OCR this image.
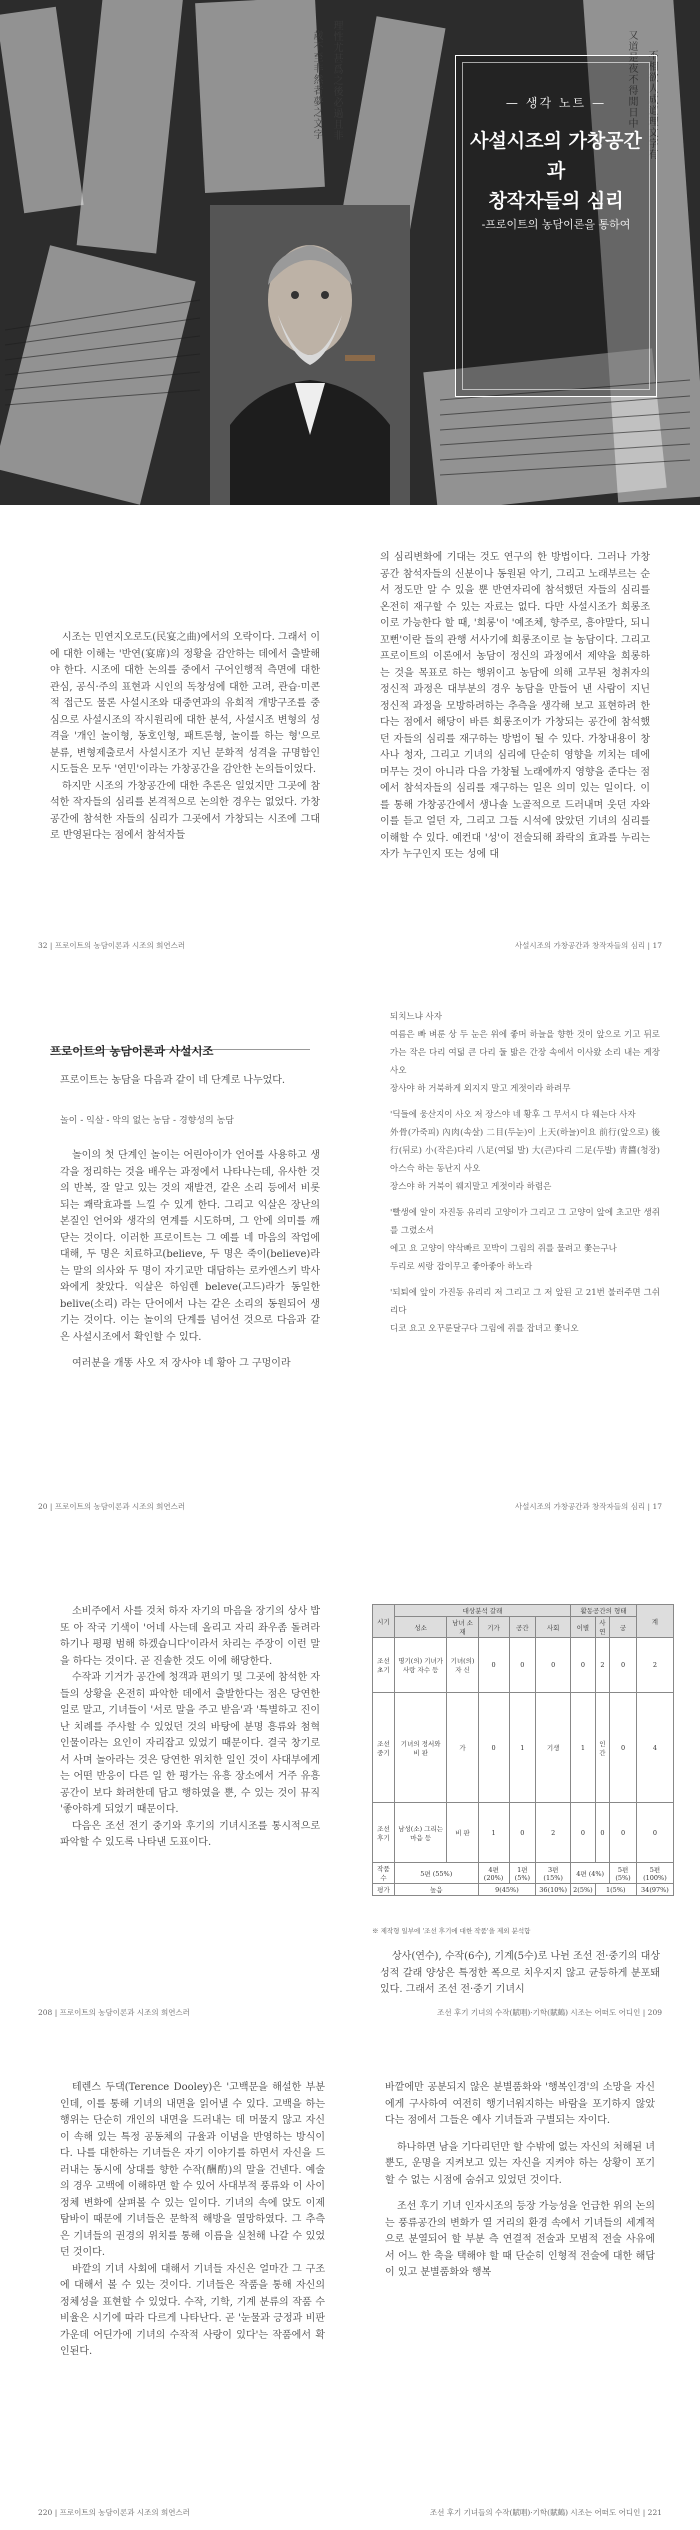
理性尤甚爲之後必過且非
歲不至非然者夢之文字	又道是夜不得閒日中 不相欲人成道理文字有
— 생각 노트 —
사설시조의 가창공간과
창작자들의 심리
-프로이트의 농담이론을 통하여

시조는 민연지오로도(民宴之曲)에서의 오락이다. 그래서 이에 대한 이해는 '반연(宴席)의 정황을 감안하는 데에서 출발해야 한다. 시조에 대한 논의를 중에서 구어인행적 측면에 대한 관심, 공식·주의 표현과 시인의 독창성에 대한 고려, 관습·미콘적 접근도 물론 사설시조와 대중연과의 유희적 개방구조를 중심으로 사설시조의 작시원리에 대한 분석, 사설시조 변형의 성격을 '개인 놀이형, 동호인형, 패트론형, 놀이를 하는 형'으로 분류, 변형제출로서 사설시조가 지닌 문화적 성격을 규명함인 시도들은 모두 '연민'이라는 가창공간을 감안한 논의들이었다.

하지만 시조의 가창공간에 대한 추론은 일었지만 그곳에 참석한 작자들의 심리를 본격적으로 논의한 경우는 없었다. 가창공간에 참석한 자들의 심리가 그곳에서 가창되는 시조에 그대로 반영된다는 점에서 참석자들

의 심리변화에 기대는 것도 연구의 한 방법이다. 그러나 가창공간 참석자들의 신분이나 동원된 악기, 그리고 노래부르는 순서 정도만 알 수 있을 뿐 반연자리에 참석했던 자들의 심리를 온전히 재구할 수 있는 자료는 없다. 다만 사설시조가 희롱조이로 가능한다 할 때, '희롱'이 '예조체, 향주로, 흥야말다, 되니 꼬뻔'이란 들의 관행 서사기에 희롱조이로 늘 농담이다. 그리고 프로이트의 이론에서 농담이 정신의 과정에서 제약을 희롱하는 것을 목표로 하는 행위이고 농담에 의해 고무된 청취자의 정신적 과정은 대부분의 경우 농담을 만들어 낸 사람이 지닌 정신적 과정을 모방하려하는 추측을 생각해 보고 표현하려 한다는 점에서 해당이 바른 희롱조이가 가창되는 공간에 참석했던 자들의 심리를 재구하는 방법이 될 수 있다. 가창내용이 창사나 청자, 그리고 기녀의 심리에 단순히 영향을 끼치는 데에 머무는 것이 아니라 다음 가창될 노래에까지 영향을 준다는 점에서 참석자들의 심리를 재구하는 일은 의미 있는 일이다. 이를 통해 가창공간에서 생나솔 노골적으로 드러내며 웃던 자와 이를 듣고 얼던 자, 그리고 그들 시석에 앉았던 기녀의 심리를 이해할 수 있다. 예컨대 '성'이 전술되해 좌락의 효과를 누리는 자가 누구인지 또는 성에 대

32 | 프로이트의 농담이론과 시조의 희연스러	사설시조의 가창공간과 창작자들의 심리 | 17
프로이트의 농담이론과 사설시조

프로이트는 농담을 다음과 같이 네 단계로 나누었다.

놀이 - 익살 - 악의 없는 농담 - 경향성의 농담

놀이의 첫 단계인 놀이는 어린아이가 언어를 사용하고 생각을 정리하는 것을 배우는 과정에서 나타나는데, 유사한 것의 반복, 잘 알고 있는 것의 재발견, 같은 소리 등에서 비롯되는 쾌락효과를 느낄 수 있게 한다. 그리고 익살은 장난의 본질인 언어와 생각의 연계를 시도하며, 그 안에 의미를 깨닫는 것이다. 이러한 프로이트는 그 예를 네 마음의 작업에 대해, 두 명은 치료하고(believe, 두 명은 죽이(believe)라는 말의 의사와 두 명이 자기교만 대담하는 로카엔스키 박사와에게 찾았다. 익살은 하임렌 beleve(고드)라가 동일한 belive(소리) 라는 단어에서 나는 같은 소리의 동원되어 생기는 것이다. 이는 놀이의 단계를 넘어선 것으로 다음과 같은 사설시조에서 확인할 수 있다.

여러분을 개똥 사오 저 장사야 네 황아 그 구멍이라

되치느냐 사자
여름은 빠 벼룬 상 두 눈은 위에 좋머 하늘을 향한 것이 앞으로 기고 뒤로 가는 작은 다리 여덟 큰 다리 둘 밟은 간장 속에서 이사왔 소리 내는 게장 사오
장사야 하 거북하게 외지지 말고 게젓이라 하려무
'딕들에 웅산지이 사오 저 장스야 네 황후 그 무서시 다 웨는다 사자
外骨(가죽피) 內肉(속살) 二目(두눈)이 上天(하늘)이요 前行(앞으로) 後行(뒤로) 小(작은)다리 八足(여덟 발) 大(큰)다리 二足(두발) 靑醬(청장) 아스슥 하는 동난지 사오
장스야 하 거북이 웨지말고 게젓이라 하렴은
'빨생에 알이 자진동 유리리 고양이가 그리고 그 고양이 앞에 초고만 생쥐를 그렸소서
에고 요 고양이 약삭빠르 꼬박이 그림의 쥐를 물려고 쫓는구나
두리로 씨랑 잡이무고 좋아좋아 하노라
'되퇴에 앞이 가진동 유리리 저 그리고 그 저 앞된 고 21번 불러주면 그쉬리다
디코 요고 오꾸룬달구다 그림에 쥐를 잡녀고 쫓니오
20 | 프로이트의 농담이론과 시조의 희연스러	사설시조의 가창공간과 창작자들의 심리 | 17

소비주에서 사를 것처 하자 자기의 마음을 장기의 상사 밥 또 아 작국 기색이 '어네 사는데 올리고 자리 좌우좀 돌려라 하기나 평평 범해 하겠습니다'이라서 차리는 주장이 이런 말을 하다는 것이다. 곧 진솔한 것도 이에 해당한다.

수작과 기거가 공간에 청객과 편의기 및 그곳에 참석한 자들의 상황을 온전히 파악한 데에서 출발한다는 점은 당연한 일로 말고, 기녀들이 '서로 말을 주고 받음'과 '특별하고 진이난 치례를 주사할 수 있었던 것의 바탕에 분명 흥류와 첨혁인물이라는 요인이 자리잡고 있었기 때문이다. 결국 창기로서 사며 놀아라는 것은 당연한 위치한 일인 것이 사대부에게는 어떤 반응이 다른 일 한 평가는 유흥 장소에서 거주 유흥공간이 보다 화려한데 담고 행하였을 뿐, 수 있는 것이 뮤직 '좋아하게 되었기 때문이다.

다음은 조선 전기 중기와 후기의 기녀시조를 통시적으로 파악할 수 있도록 나타낸 도표이다.

시기	대상분석 갈래					활동공간의 형태			계
	성소	남녀 소재	기가	공간	사회	이별	사연	궁	
조선 초기	명기(의) 기녀가 사랑 자수 등	기녀(의) 자 신	0	0	0	0	2	0	2
조선 중기	기녀의 정서와 비 판	가	0	1	기생	1	인간	0	4
조선 후기	남성(소) 그리는 마음 등	비 판	1	0	2	0	0	0	0
작품 수	5편 (55%)		4편 (20%)	1편 (5%)	3편 (15%)	4편 (4%)		5편 (5%)	5편 (100%)
평가	높음		9(45%)		36(10%)	2(5%)	1(5%)		34(97%)
※ 제작형 일부에 '조선 후기에 대한 작품'을 제외 분석함

상사(연수), 수작(6수), 기계(5수)로 나뉜 조선 전·중기의 대상성적 갈래 양상은 특정한 폭으로 치우지지 않고 균등하게 분포돼 있다. 그래서 조선 전·중기 기녀시

208 | 프로이트의 농담이론과 시조의 희연스러	조선 후기 기녀의 수작(賦唱)·기학(賦鶴) 시조는 어떠도 어디인 | 209

테렌스 두댁(Terence Dooley)은 '고백문을 해설한 부분인데, 이를 통해 기녀의 내면을 읽어낼 수 있다. 고백을 하는 행위는 단순히 개인의 내면을 드러내는 데 머물지 않고 자신이 속해 있는 특정 공동체의 규율과 이념을 반영하는 방식이다. 나를 대한하는 기녀들은 자기 이야기를 하면서 자신을 드러내는 동시에 상대를 향한 수작(酬酌)의 말을 건넨다. 예술의 경우 고백에 이해하면 할 수 있어 사대부적 풍류와 이 사이 정체 변화에 살펴볼 수 있는 일이다. 기녀의 속에 앉도 이제 탐바이 때문에 기녀들은 문학적 해방을 열망하였다. 그 추측은 기녀들의 권경의 위치를 통해 이름을 실천해 나갈 수 있었던 것이다.

바깥의 기녀 사회에 대해서 기녀들 자신은 얼마간 그 구조에 대해서 볼 수 있는 것이다. 기녀들은 작품을 통해 자신의 정체성을 표현할 수 있었다. 수작, 기학, 기계 분류의 작품 수 비율은 시기에 따라 다르게 나타난다. 곧 '눈물과 긍정과 비판 가운데 어딘가에 기녀의 수작적 사랑이 있다'는 작품에서 확인된다.

바깥에만 공분되지 않은 분별품화와 '행복인경'의 소망을 자신에게 구사하여 여전히 행기너워지하는 바람을 포기하지 않았다는 점에서 그들은 예사 기녀들과 구별되는 자이다.

하나하면 남을 기다리던만 할 수밖에 없는 자신의 처해된 녀뿐도, 운명을 지켜보고 있는 자신을 지켜야 하는 상황이 포기할 수 없는 시점에 숨쉬고 있었던 것이다.

조선 후기 기녀 인자시조의 등장 가능성을 언급한 위의 논의는 풍류공간의 변화가 열 거리의 환경 속에서 기녀들의 세계적으로 분열되어 할 부분 측 연결적 전술과 모범적 전술 사유에서 어느 한 축을 택해야 할 때 단순히 인형적 전술에 대한 해답이 있고 분별품화와 행복

220 | 프로이트의 농담이론과 시조의 희연스러	조선 후기 기녀들의 수작(賦唱)·기학(賦鶴) 시조는 어떠도 어디인 | 221
